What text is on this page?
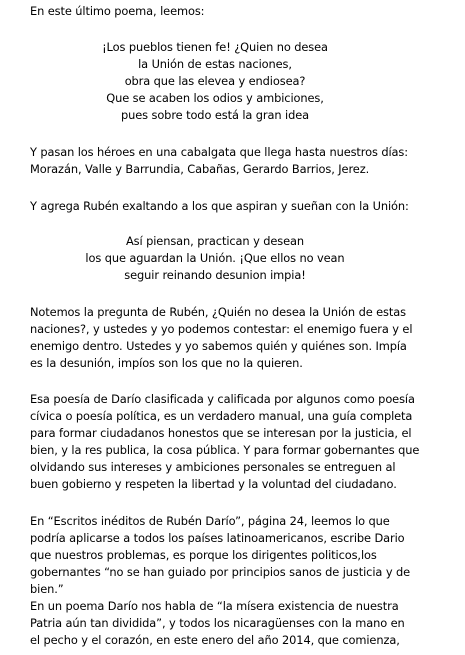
En este último poema, leemos:
¡Los pueblos tienen fe! ¿Quien no desea
la Unión de estas naciones,
obra que las elevea y endiosea?
Que se acaben los odios y ambiciones,
pues sobre todo está la gran idea
Y pasan los héroes en una cabalgata que llega hasta nuestros días:
Morazán, Valle y Barrundia, Cabañas, Gerardo Barrios, Jerez.
Y agrega Rubén exaltando a los que aspiran y sueñan con la Unión:
Así piensan, practican y desean
los que aguardan la Unión. ¡Que ellos no vean
seguir reinando desunion impia!
Notemos la pregunta de Rubén, ¿Quién no desea la Unión de estas
naciones?, y ustedes y yo podemos contestar: el enemigo fuera y el
enemigo dentro. Ustedes y yo sabemos quién y quiénes son. Impía
es la desunión, impíos son los que no la quieren.
Esa poesía de Darío clasificada y calificada por algunos como poesía
cívica o poesía política, es un verdadero manual, una guía completa
para formar ciudadanos honestos que se interesan por la justicia, el
bien, y la res publica, la cosa pública. Y para formar gobernantes que
olvidando sus intereses y ambiciones personales se entreguen al
buen gobierno y respeten la libertad y la voluntad del ciudadano.
En “Escritos inéditos de Rubén Darío”, página 24, leemos lo que
podría aplicarse a todos los países latinoamericanos, escribe Dario
que nuestros problemas, es porque los dirigentes politicos,los
gobernantes “no se han guiado por principios sanos de justicia y de
bien.”
En un poema Darío nos habla de “la mísera existencia de nuestra
Patria aún tan dividida”, y todos los nicaragüenses con la mano en
el pecho y el corazón, en este enero del año 2014, que comienza,
